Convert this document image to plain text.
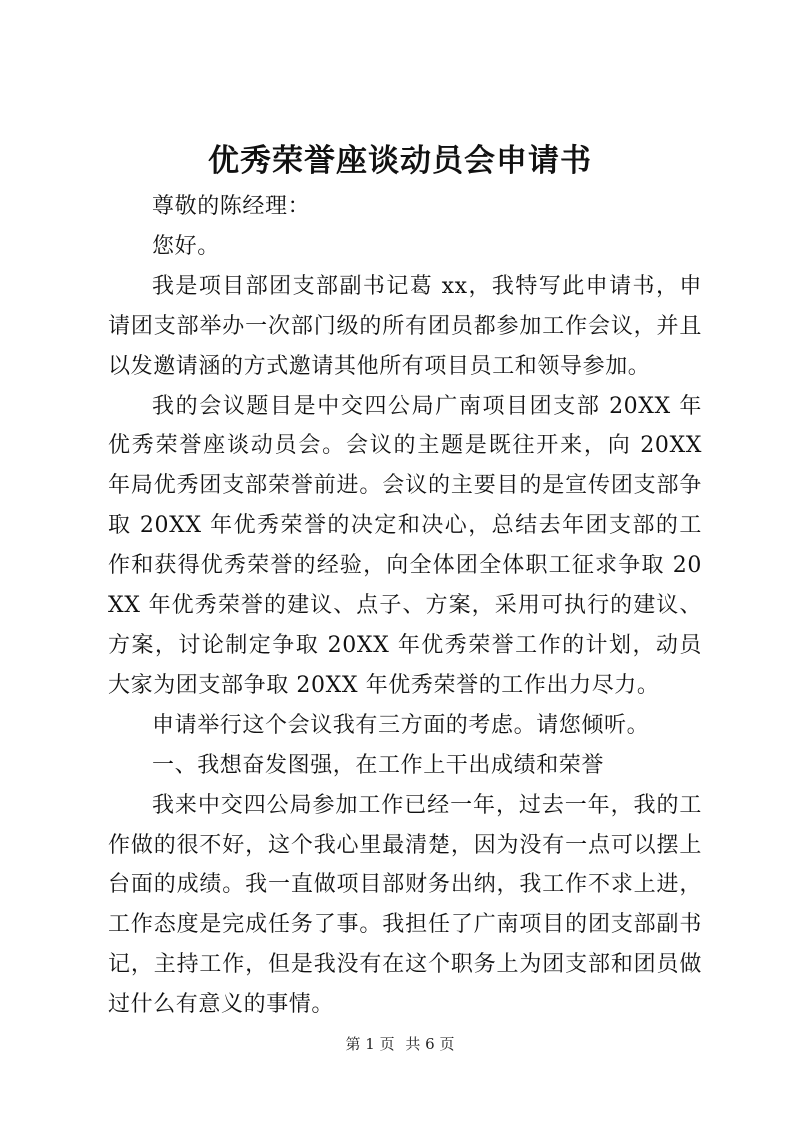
优秀荣誉座谈动员会申请书

尊敬的陈经理：

您好。

我是项目部团支部副书记葛 xx，我特写此申请书，申请团支部举办一次部门级的所有团员都参加工作会议，并且以发邀请涵的方式邀请其他所有项目员工和领导参加。

我的会议题目是中交四公局广南项目团支部 20XX 年优秀荣誉座谈动员会。会议的主题是既往开来，向 20XX 年局优秀团支部荣誉前进。会议的主要目的是宣传团支部争取 20XX 年优秀荣誉的决定和决心，总结去年团支部的工作和获得优秀荣誉的经验，向全体团全体职工征求争取 20XX 年优秀荣誉的建议、点子、方案，采用可执行的建议、方案，讨论制定争取 20XX 年优秀荣誉工作的计划，动员大家为团支部争取 20XX 年优秀荣誉的工作出力尽力。

申请举行这个会议我有三方面的考虑。请您倾听。

一、我想奋发图强，在工作上干出成绩和荣誉

我来中交四公局参加工作已经一年，过去一年，我的工作做的很不好，这个我心里最清楚，因为没有一点可以摆上台面的成绩。我一直做项目部财务出纳，我工作不求上进，工作态度是完成任务了事。我担任了广南项目的团支部副书记，主持工作，但是我没有在这个职务上为团支部和团员做过什么有意义的事情。

第 1 页 共 6 页
